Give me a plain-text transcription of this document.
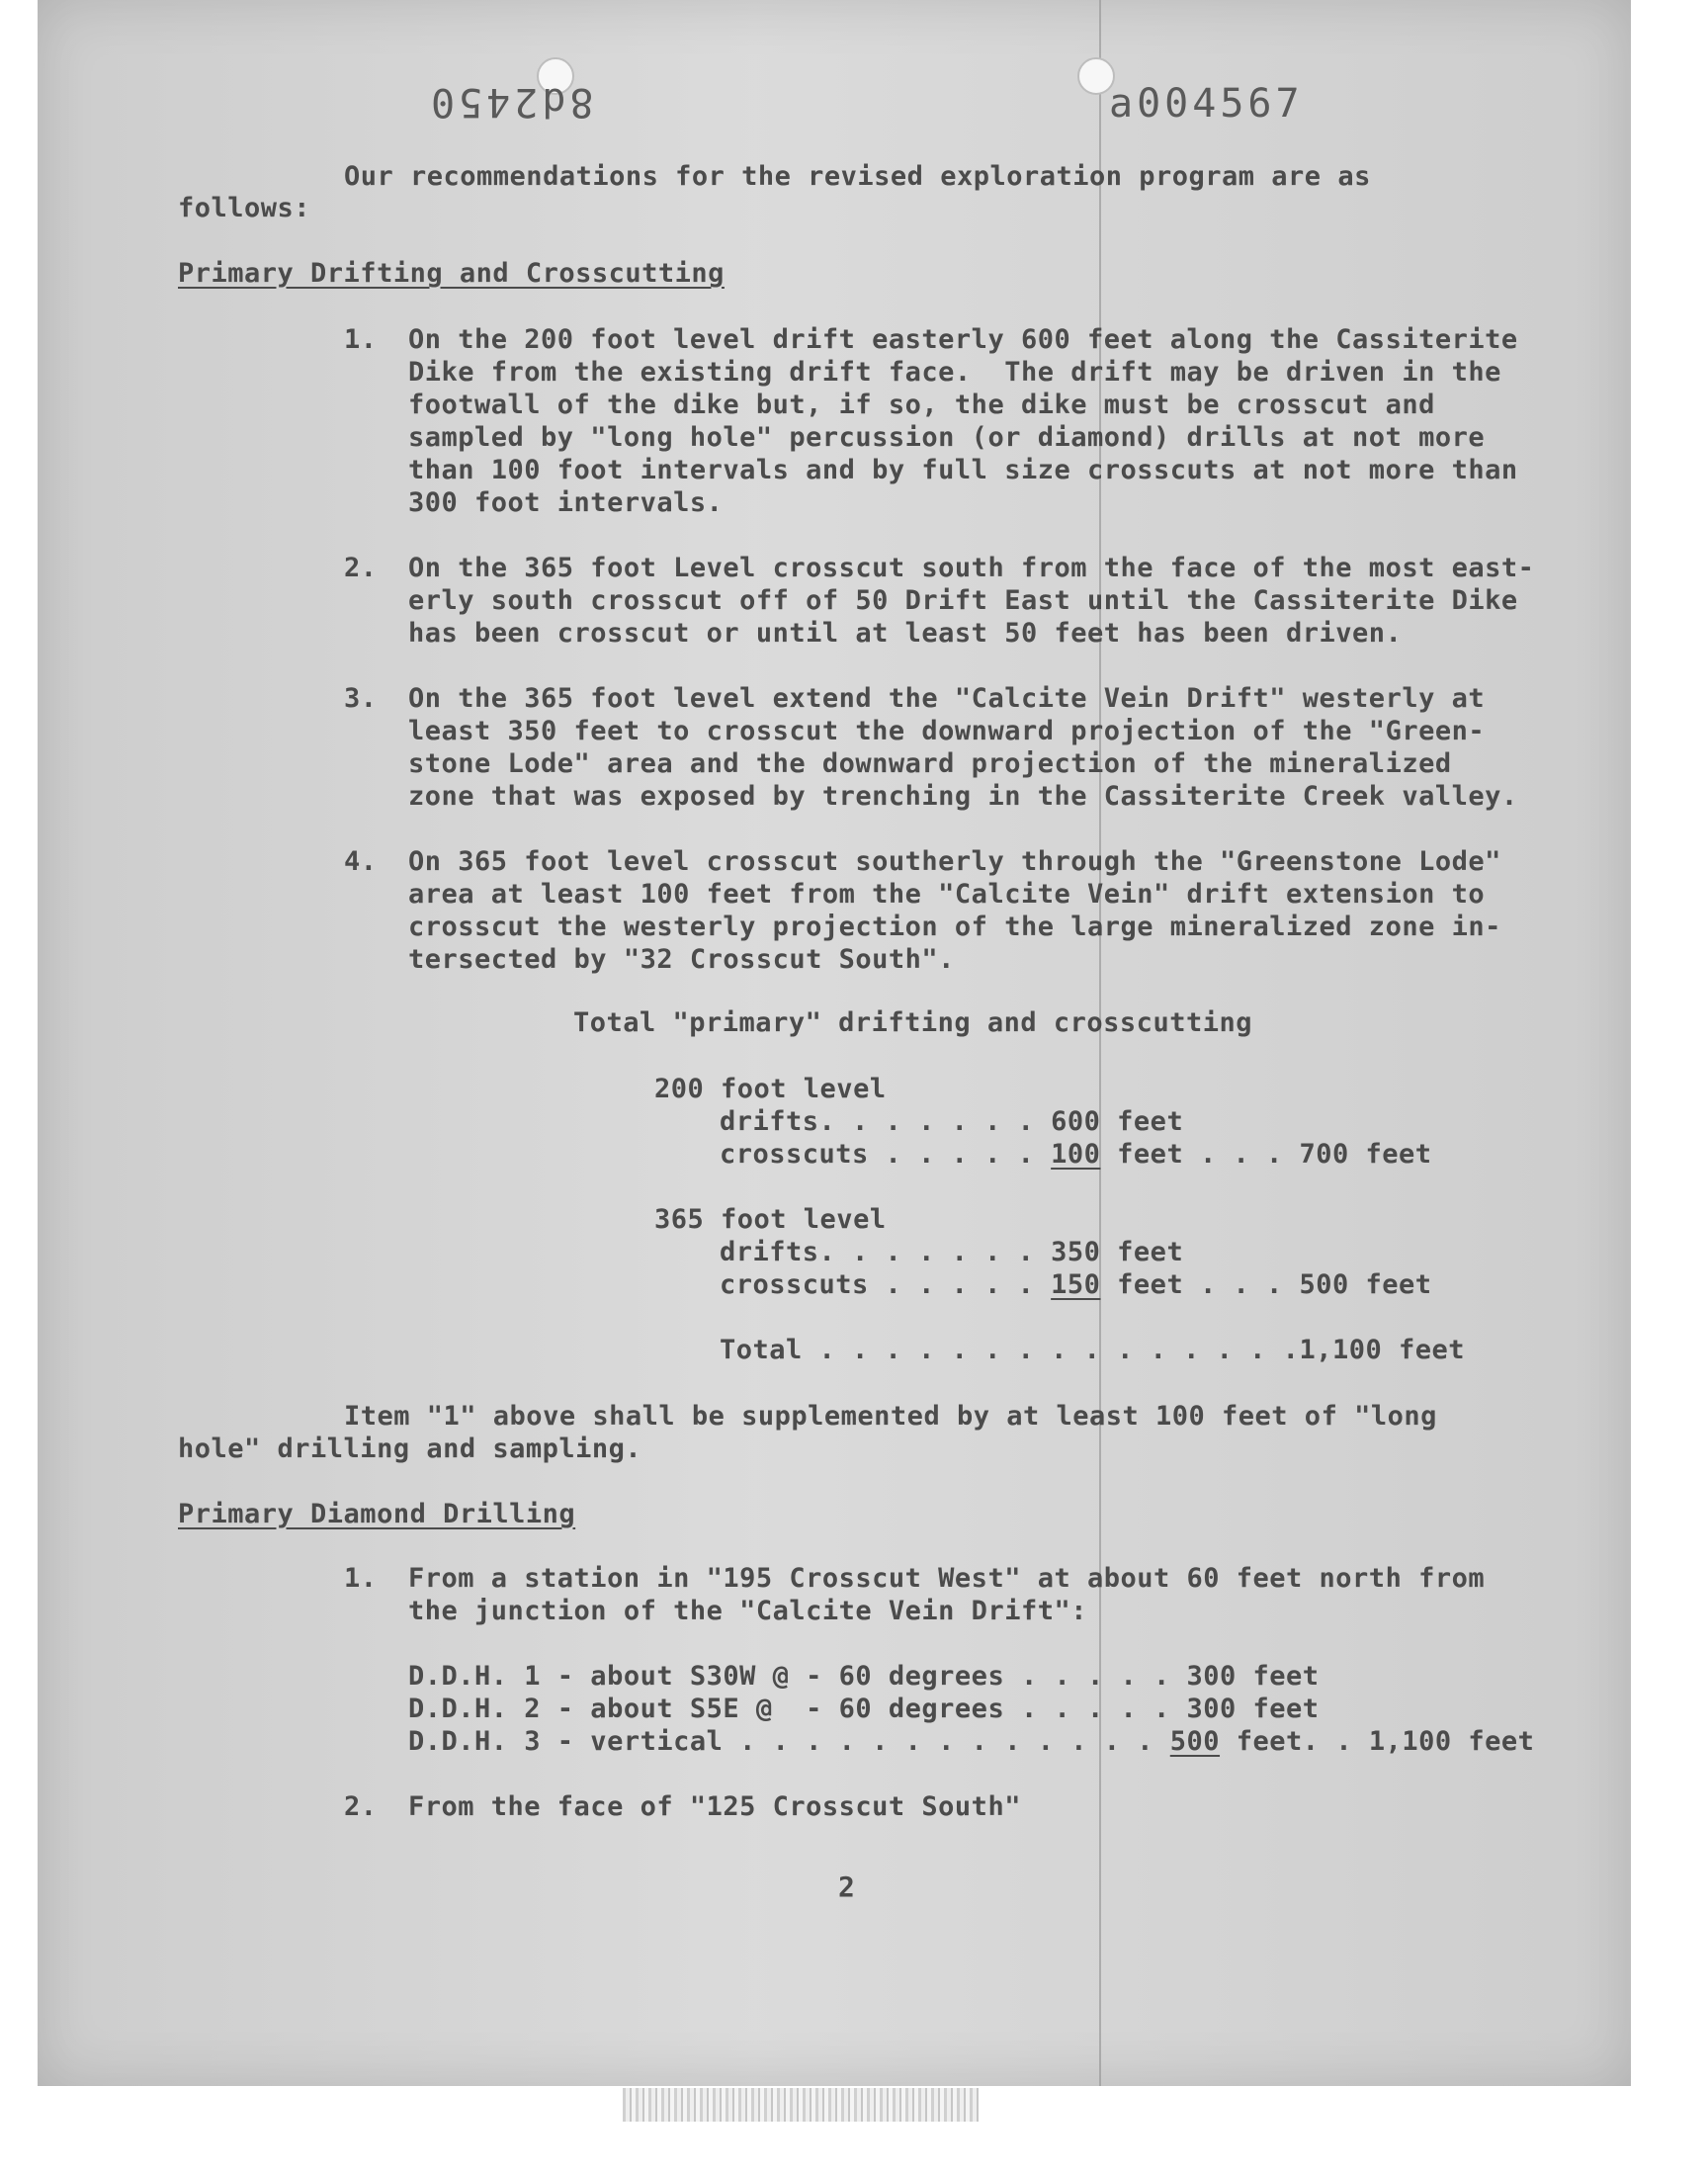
8d2450	a004567
Our recommendations for the revised exploration program are as
follows:
Primary Drifting and Crosscutting
1. On the 200 foot level drift easterly 600 feet along the Cassiterite
Dike from the existing drift face.  The drift may be driven in the
footwall of the dike but, if so, the dike must be crosscut and
sampled by "long hole" percussion (or diamond) drills at not more
than 100 foot intervals and by full size crosscuts at not more than
300 foot intervals.
2. On the 365 foot Level crosscut south from the face of the most east-
erly south crosscut off of 50 Drift East until the Cassiterite Dike
has been crosscut or until at least 50 feet has been driven.
3. On the 365 foot level extend the "Calcite Vein Drift" westerly at
least 350 feet to crosscut the downward projection of the "Green-
stone Lode" area and the downward projection of the mineralized
zone that was exposed by trenching in the Cassiterite Creek valley.
4. On 365 foot level crosscut southerly through the "Greenstone Lode"
area at least 100 feet from the "Calcite Vein" drift extension to
crosscut the westerly projection of the large mineralized zone in-
tersected by "32 Crosscut South".
Total "primary" drifting and crosscutting
200 foot level
drifts. . . . . . . 600 feet
crosscuts . . . . . 100 feet . . . 700 feet
365 foot level
drifts. . . . . . . 350 feet
crosscuts . . . . . 150 feet . . . 500 feet
Total . . . . . . . . . . . . . . .1,100 feet
Item "1" above shall be supplemented by at least 100 feet of "long
hole" drilling and sampling.
Primary Diamond Drilling
1. From a station in "195 Crosscut West" at about 60 feet north from
the junction of the "Calcite Vein Drift":
D.D.H. 1 - about S30W @ - 60 degrees . . . . . 300 feet
D.D.H. 2 - about S5E @  - 60 degrees . . . . . 300 feet
D.D.H. 3 - vertical . . . . . . . . . . . . . 500 feet. . 1,100 feet
2. From the face of "125 Crosscut South"
2
